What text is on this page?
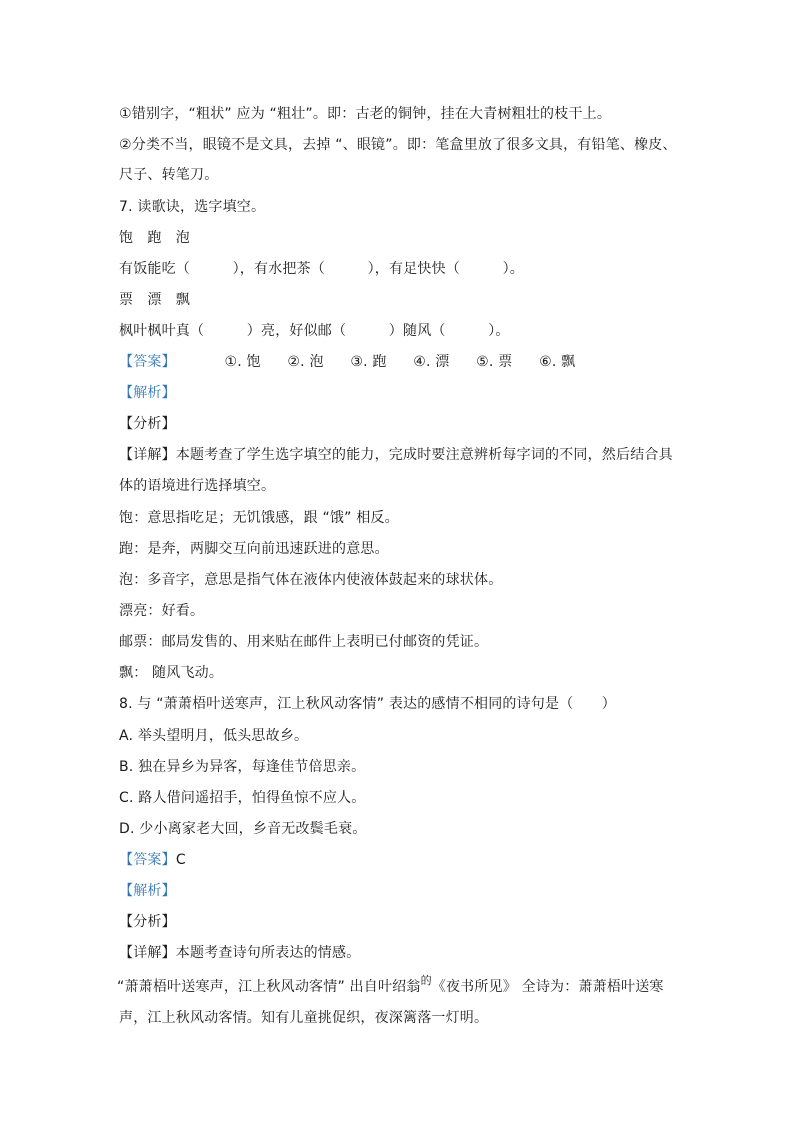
①错别字，“粗状” 应为 “粗壮”。即：古老的铜钟，挂在大青树粗壮的枝干上。
②分类不当，眼镜不是文具，去掉 “、眼镜”。即：笔盒里放了很多文具，有铅笔、橡皮、
尺子、转笔刀。
7. 读歌诀，选字填空。
饱　跑　泡
有饭能吃（　　　），有水把茶（　　　），有足快快（　　　）。
票　漂　飘
枫叶枫叶真（　　　）亮，好似邮（　　　）随风（　　　）。
【答案】	①. 饱 ②. 泡 ③. 跑 ④. 漂 ⑤. 票 ⑥. 飘
【解析】
【分析】
【详解】本题考查了学生选字填空的能力，完成时要注意辨析每字词的不同，然后结合具
体的语境进行选择填空。
饱：意思指吃足；无饥饿感，跟 “饿” 相反。
跑：是奔，两脚交互向前迅速跃进的意思。
泡：多音字，意思是指气体在液体内使液体鼓起来的球状体。
漂亮：好看。
邮票：邮局发售的、用来贴在邮件上表明已付邮资的凭证。
飘： 随风飞动。
8. 与 “萧萧梧叶送寒声，江上秋风动客情” 表达的感情不相同的诗句是（　　）
A. 举头望明月，低头思故乡。
B. 独在异乡为异客，每逢佳节倍思亲。
C. 路人借问遥招手，怕得鱼惊不应人。
D. 少小离家老大回，乡音无改鬓毛衰。
【答案】C
【解析】
【分析】
【详解】本题考查诗句所表达的情感。
“萧萧梧叶送寒声，江上秋风动客情” 出自叶绍翁$^的$《夜书所见》 全诗为：萧萧梧叶送寒
声，江上秋风动客情。知有儿童挑促织，夜深篱落一灯明。
